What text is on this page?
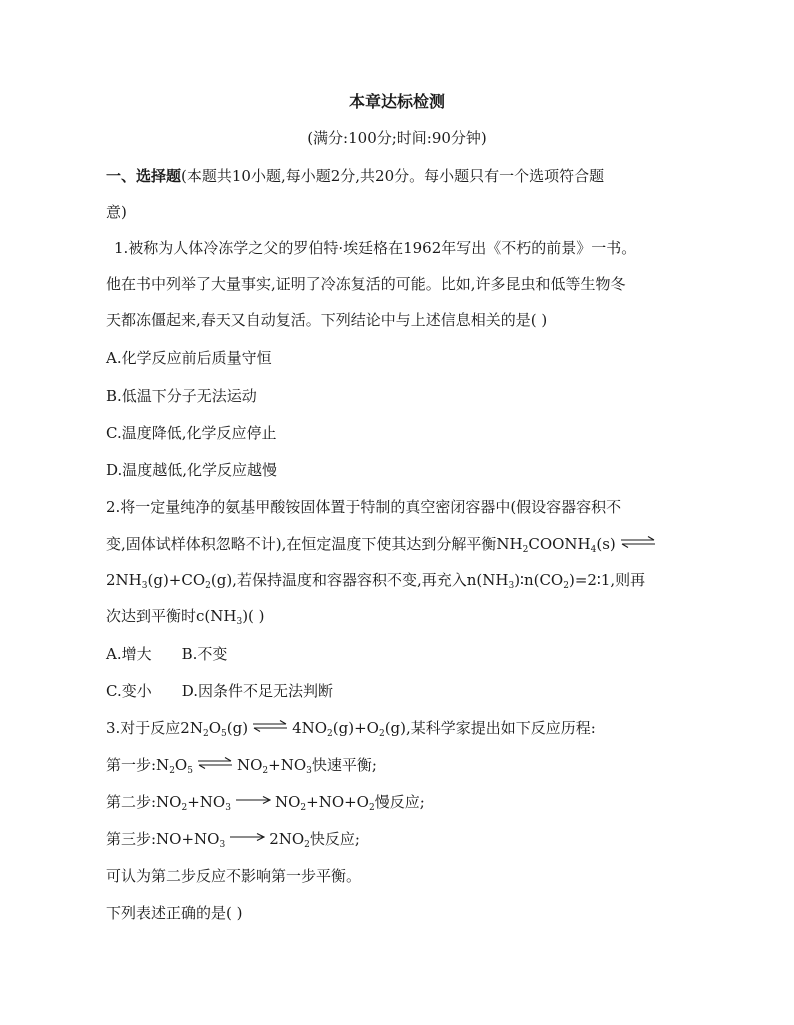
本章达标检测
(满分:100分;时间:90分钟)
一、选择题(本题共10小题,每小题2分,共20分。每小题只有一个选项符合题
意)
1.被称为人体冷冻学之父的罗伯特·埃廷格在1962年写出《不朽的前景》一书。
他在书中列举了大量事实,证明了冷冻复活的可能。比如,许多昆虫和低等生物冬
天都冻僵起来,春天又自动复活。下列结论中与上述信息相关的是( )
A.化学反应前后质量守恒
B.低温下分子无法运动
C.温度降低,化学反应停止
D.温度越低,化学反应越慢
2.将一定量纯净的氨基甲酸铵固体置于特制的真空密闭容器中(假设容器容积不
变,固体试样体积忽略不计),在恒定温度下使其达到分解平衡$NH_2COONH_4(s)$ ⇌
$2NH_3(g)+CO_2(g)$,若保持温度和容器容积不变,再充入$n(NH_3)∶n(CO_2)=2∶1$,则再
次达到平衡时$c(NH_3)$( )
A.增大 B.不变
C.变小 D.因条件不足无法判断
3.对于反应$2N_2O_5(g)$ ⇌ $4NO_2(g)+O_2(g)$,某科学家提出如下反应历程:
第一步$:N_2O_5$ ⇌ $NO_2+NO_3$快速平衡;
第二步$:NO_2+NO_3$	$NO_2+NO+O_2$慢反应;
第三步$:NO+NO_3$	$2NO_2$快反应;
可认为第二步反应不影响第一步平衡。
下列表述正确的是( )
